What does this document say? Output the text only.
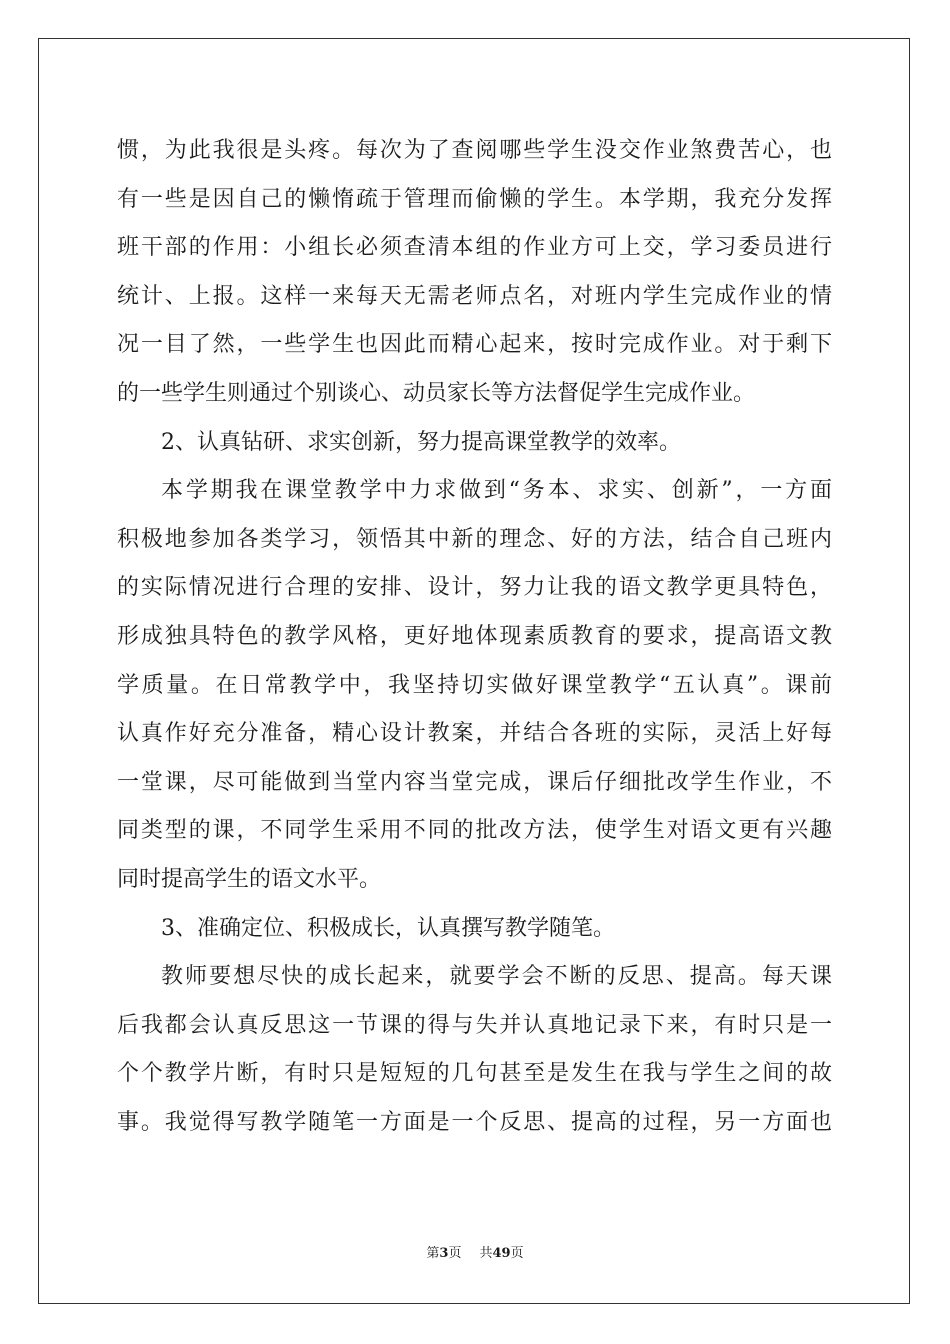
惯，为此我很是头疼。每次为了查阅哪些学生没交作业煞费苦心，也
有一些是因自己的懒惰疏于管理而偷懒的学生。本学期，我充分发挥
班干部的作用：小组长必须查清本组的作业方可上交，学习委员进行
统计、上报。这样一来每天无需老师点名，对班内学生完成作业的情
况一目了然，一些学生也因此而精心起来，按时完成作业。对于剩下
的一些学生则通过个别谈心、动员家长等方法督促学生完成作业。
2、认真钻研、求实创新，努力提高课堂教学的效率。
本学期我在课堂教学中力求做到“务本、求实、创新”，一方面
积极地参加各类学习，领悟其中新的理念、好的方法，结合自己班内
的实际情况进行合理的安排、设计，努力让我的语文教学更具特色，
形成独具特色的教学风格，更好地体现素质教育的要求，提高语文教
学质量。在日常教学中，我坚持切实做好课堂教学“五认真”。课前
认真作好充分准备，精心设计教案，并结合各班的实际，灵活上好每
一堂课，尽可能做到当堂内容当堂完成，课后仔细批改学生作业，不
同类型的课，不同学生采用不同的批改方法，使学生对语文更有兴趣
同时提高学生的语文水平。
3、准确定位、积极成长，认真撰写教学随笔。
教师要想尽快的成长起来，就要学会不断的反思、提高。每天课
后我都会认真反思这一节课的得与失并认真地记录下来，有时只是一
个个教学片断，有时只是短短的几句甚至是发生在我与学生之间的故
事。我觉得写教学随笔一方面是一个反思、提高的过程，另一方面也
第3页 共49页
